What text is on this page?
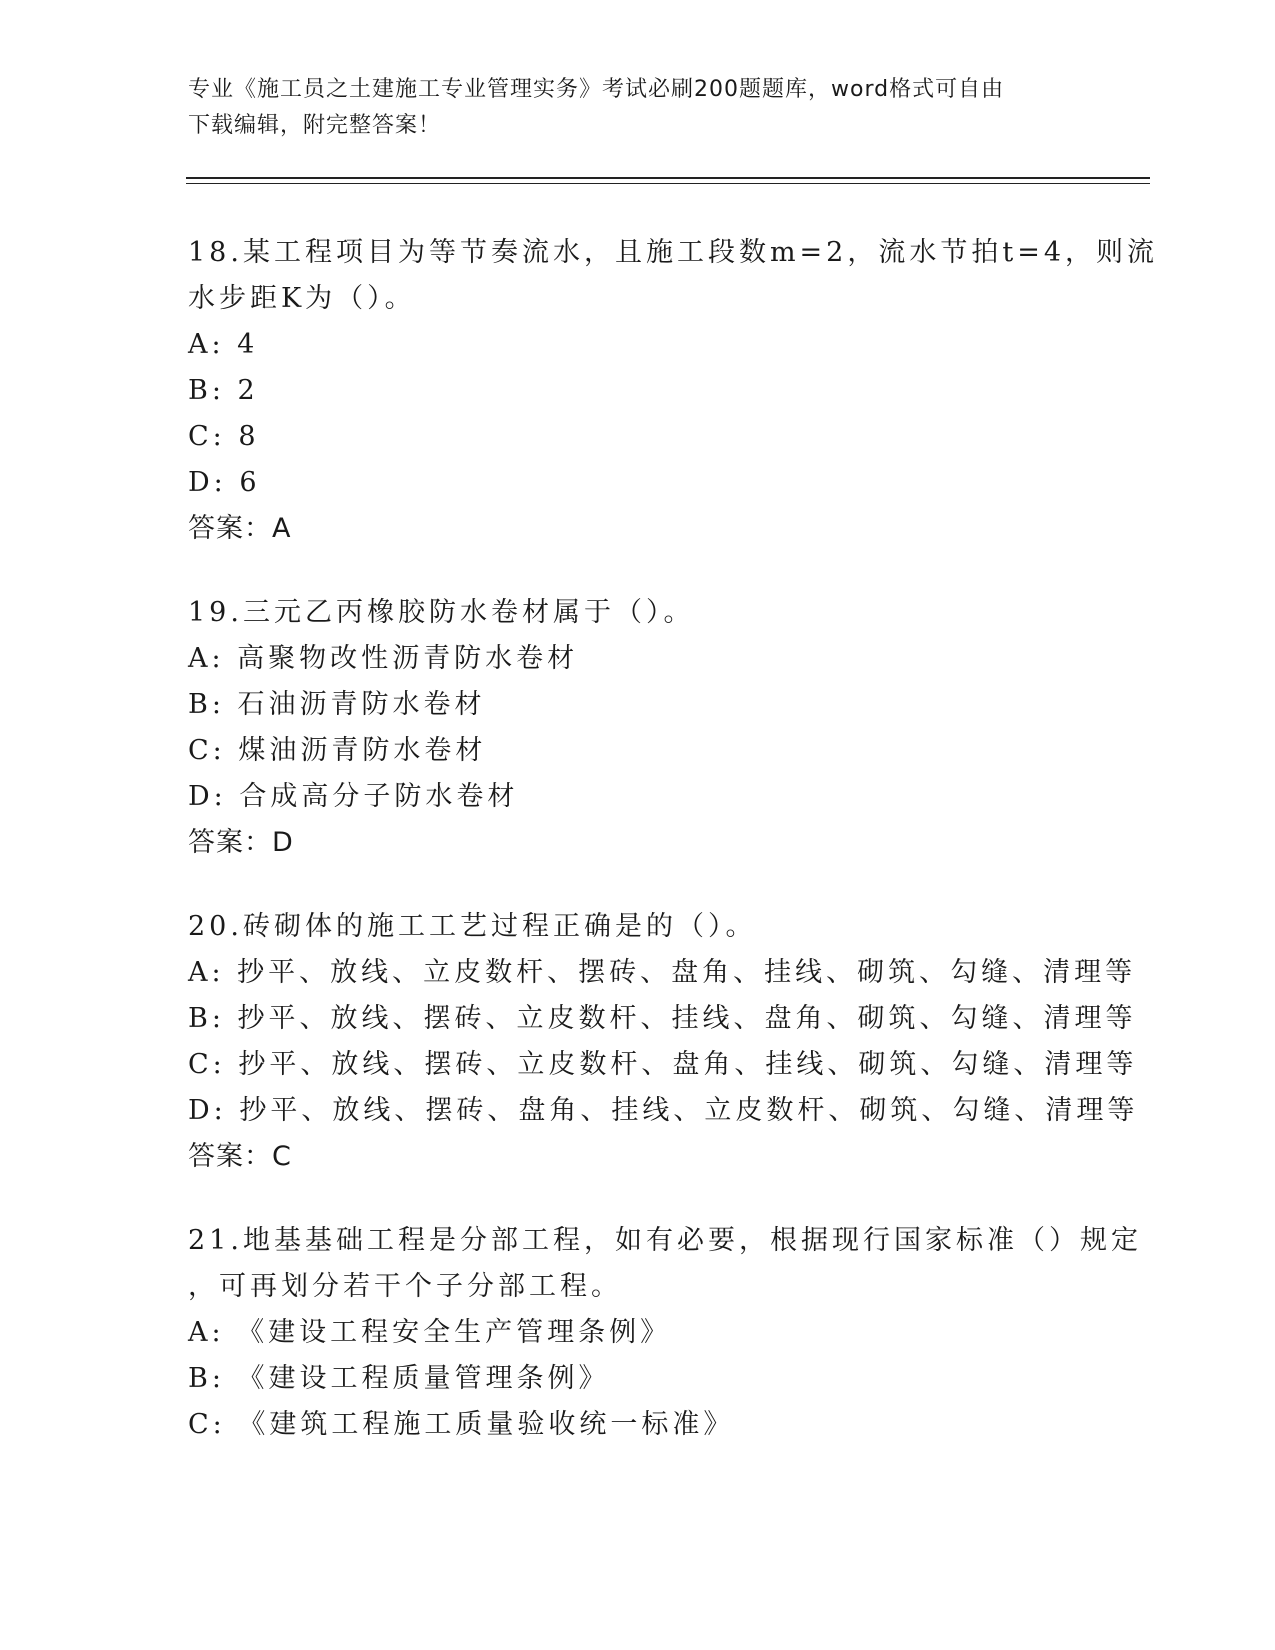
专业《施工员之土建施工专业管理实务》考试必刷200题题库，word格式可自由
下载编辑，附完整答案！
18.某工程项目为等节奏流水，且施工段数m=2，流水节拍t=4，则流
水步距K为（）。
A: 4
B: 2
C: 8
D: 6
答案：A
19.三元乙丙橡胶防水卷材属于（）。
A: 高聚物改性沥青防水卷材
B: 石油沥青防水卷材
C: 煤油沥青防水卷材
D: 合成高分子防水卷材
答案：D
20.砖砌体的施工工艺过程正确是的（）。
A: 抄平、放线、立皮数杆、摆砖、盘角、挂线、砌筑、勾缝、清理等
B: 抄平、放线、摆砖、立皮数杆、挂线、盘角、砌筑、勾缝、清理等
C: 抄平、放线、摆砖、立皮数杆、盘角、挂线、砌筑、勾缝、清理等
D: 抄平、放线、摆砖、盘角、挂线、立皮数杆、砌筑、勾缝、清理等
答案：C
21.地基基础工程是分部工程，如有必要，根据现行国家标准（）规定
，可再划分若干个子分部工程。
A: 《建设工程安全生产管理条例》
B: 《建设工程质量管理条例》
C: 《建筑工程施工质量验收统一标准》
